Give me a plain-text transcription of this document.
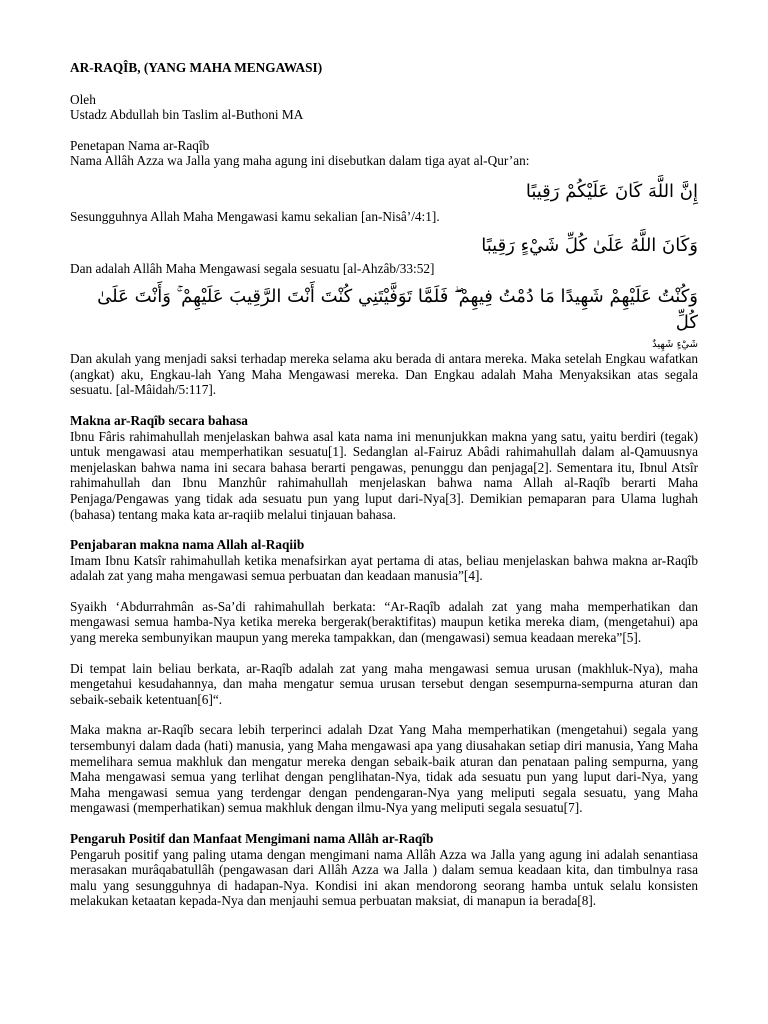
AR-RAQÎB, (YANG MAHA MENGAWASI)

Oleh

Ustadz Abdullah bin Taslim al-Buthoni MA

Penetapan Nama ar-Raqîb

Nama Allâh Azza wa Jalla yang maha agung ini disebutkan dalam tiga ayat al-Qur’an:

إِنَّ اللَّهَ كَانَ عَلَيْكُمْ رَقِيبًا

Sesungguhnya Allah Maha Mengawasi kamu sekalian [an-Nisâ’/4:1].

وَكَانَ اللَّهُ عَلَىٰ كُلِّ شَيْءٍ رَقِيبًا

Dan adalah Allâh Maha Mengawasi segala sesuatu [al-Ahzâb/33:52]

وَكُنْتُ عَلَيْهِمْ شَهِيدًا مَا دُمْتُ فِيهِمْ ۖ فَلَمَّا تَوَفَّيْتَنِي كُنْتَ أَنْتَ الرَّقِيبَ عَلَيْهِمْ ۚ وَأَنْتَ عَلَىٰ كُلِّ

شَيْءٍ شَهِيدٌ

Dan akulah yang menjadi saksi terhadap mereka selama aku berada di antara mereka. Maka setelah Engkau wafatkan (angkat) aku, Engkau-lah Yang Maha Mengawasi mereka. Dan Engkau adalah Maha Menyaksikan atas segala sesuatu. [al-Mâidah/5:117].

Makna ar-Raqîb secara bahasa

Ibnu Fâris rahimahullah menjelaskan bahwa asal kata nama ini menunjukkan makna yang satu, yaitu berdiri (tegak) untuk mengawasi atau memperhatikan sesuatu[1]. Sedanglan al-Fairuz Abâdi rahimahullah dalam al-Qamuusnya menjelaskan bahwa nama ini secara bahasa berarti pengawas, penunggu dan penjaga[2]. Sementara itu, Ibnul Atsîr rahimahullah dan Ibnu Manzhûr rahimahullah menjelaskan bahwa nama Allah al-Raqîb berarti Maha Penjaga/Pengawas yang tidak ada sesuatu pun yang luput dari-Nya[3]. Demikian pemaparan para Ulama lughah (bahasa) tentang maka kata ar-raqiib melalui tinjauan bahasa.

Penjabaran makna nama Allah al-Raqiib

Imam Ibnu Katsîr rahimahullah ketika menafsirkan ayat pertama di atas, beliau menjelaskan bahwa makna ar-Raqîb adalah zat yang maha mengawasi semua perbuatan dan keadaan manusia”[4].

Syaikh ‘Abdurrahmân as-Sa’di rahimahullah berkata: “Ar-Raqîb adalah zat yang maha memperhatikan dan mengawasi semua hamba-Nya ketika mereka bergerak(beraktifitas) maupun ketika mereka diam, (mengetahui) apa yang mereka sembunyikan maupun yang mereka tampakkan, dan (mengawasi) semua keadaan mereka”[5].

Di tempat lain beliau berkata, ar-Raqîb adalah zat yang maha mengawasi semua urusan (makhluk-Nya), maha mengetahui kesudahannya, dan maha mengatur semua urusan tersebut dengan sesempurna-sempurna aturan dan sebaik-sebaik ketentuan[6]“.

Maka makna ar-Raqîb secara lebih terperinci adalah Dzat Yang Maha memperhatikan (mengetahui) segala yang tersembunyi dalam dada (hati) manusia, yang Maha mengawasi apa yang diusahakan setiap diri manusia, Yang Maha memelihara semua makhluk dan mengatur mereka dengan sebaik-baik aturan dan penataan paling sempurna, yang Maha mengawasi semua yang terlihat dengan penglihatan-Nya, tidak ada sesuatu pun yang luput dari-Nya, yang Maha mengawasi semua yang terdengar dengan pendengaran-Nya yang meliputi segala sesuatu, yang Maha mengawasi (memperhatikan) semua makhluk dengan ilmu-Nya yang meliputi segala sesuatu[7].

Pengaruh Positif dan Manfaat Mengimani nama Allâh ar-Raqîb

Pengaruh positif yang paling utama dengan mengimani nama Allâh Azza wa Jalla yang agung ini adalah senantiasa merasakan murâqabatullâh (pengawasan dari Allâh Azza wa Jalla ) dalam semua keadaan kita, dan timbulnya rasa malu yang sesungguhnya di hadapan-Nya. Kondisi ini akan mendorong seorang hamba untuk selalu konsisten melakukan ketaatan kepada-Nya dan menjauhi semua perbuatan maksiat, di manapun ia berada[8].
